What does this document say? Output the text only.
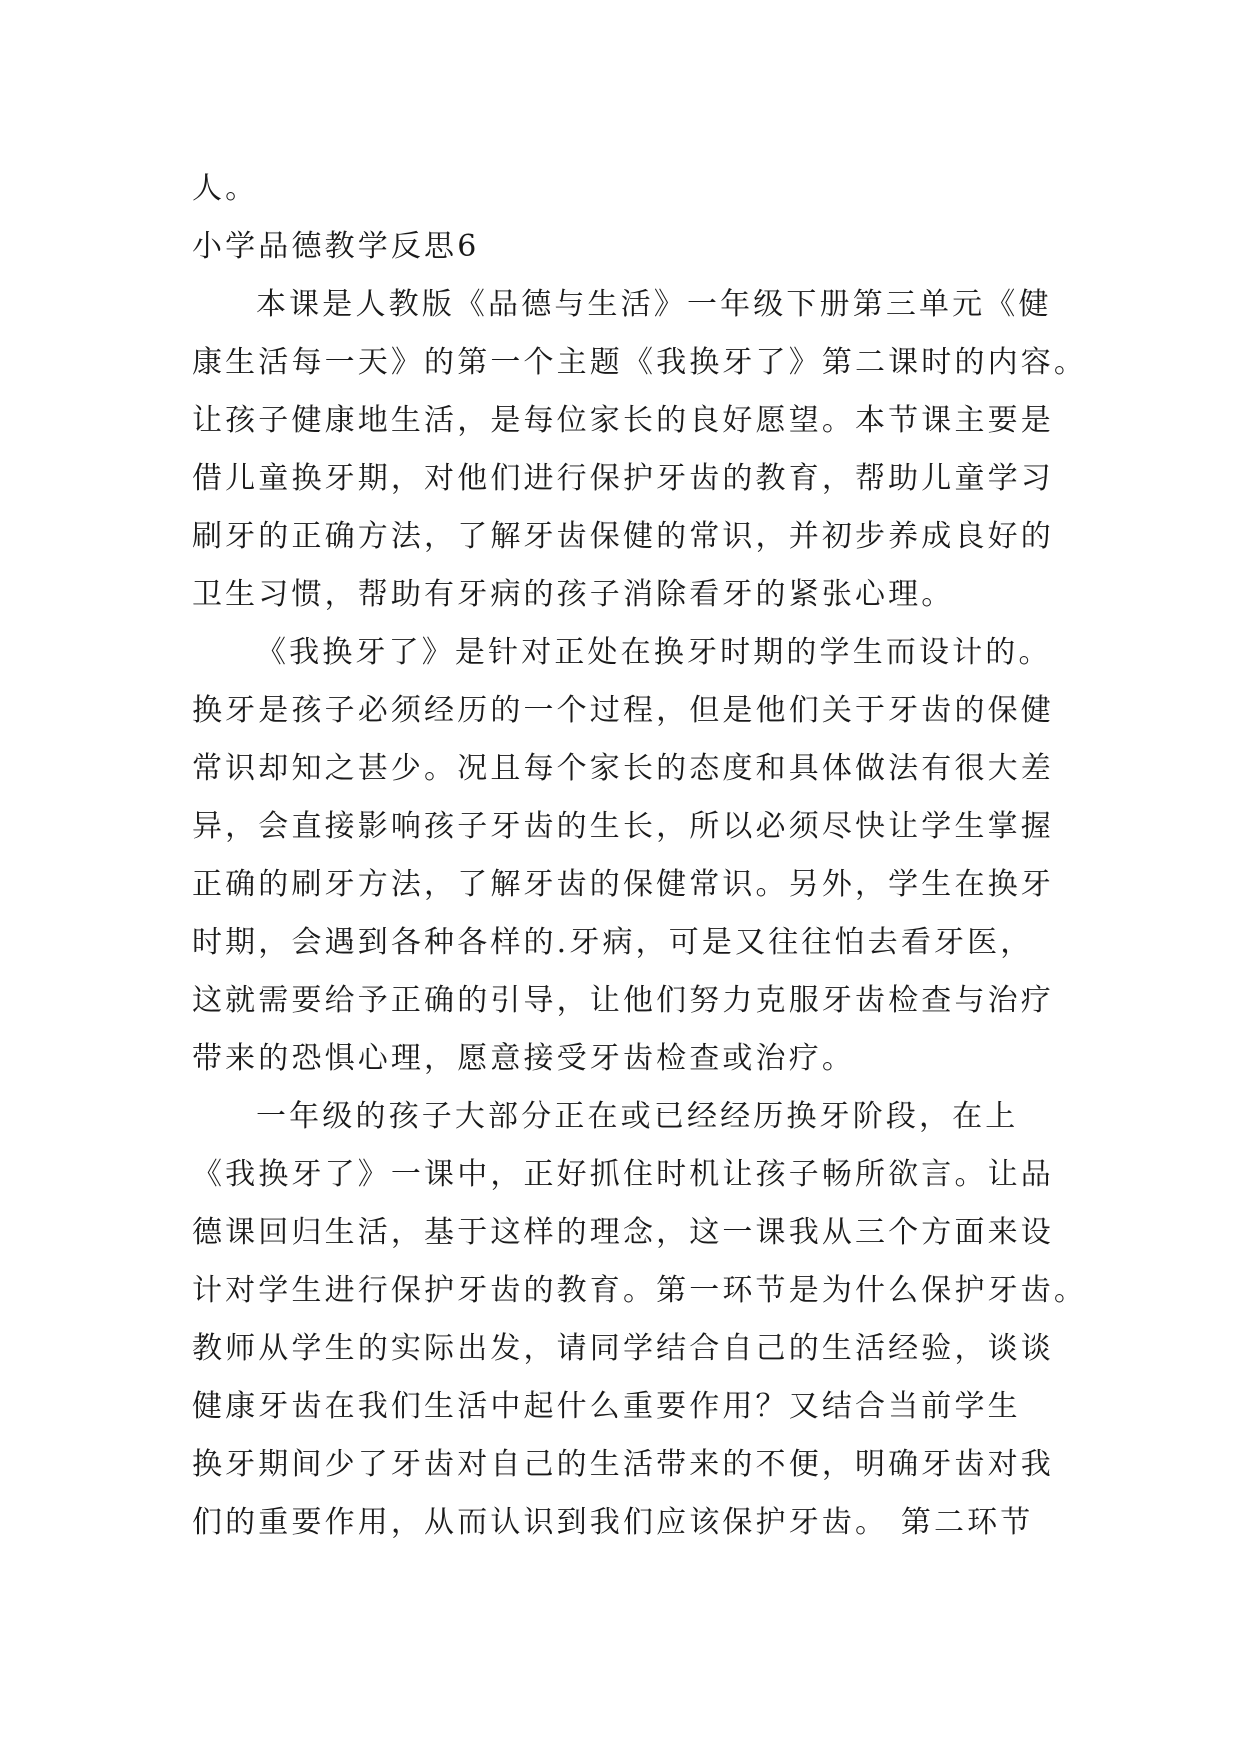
人。
小学品德教学反思6
本课是人教版《品德与生活》一年级下册第三单元《健
康生活每一天》的第一个主题《我换牙了》第二课时的内容。
让孩子健康地生活，是每位家长的良好愿望。本节课主要是
借儿童换牙期，对他们进行保护牙齿的教育，帮助儿童学习
刷牙的正确方法，了解牙齿保健的常识，并初步养成良好的
卫生习惯，帮助有牙病的孩子消除看牙的紧张心理。
《我换牙了》是针对正处在换牙时期的学生而设计的。
换牙是孩子必须经历的一个过程，但是他们关于牙齿的保健
常识却知之甚少。况且每个家长的态度和具体做法有很大差
异，会直接影响孩子牙齿的生长，所以必须尽快让学生掌握
正确的刷牙方法，了解牙齿的保健常识。另外，学生在换牙
时期，会遇到各种各样的.牙病，可是又往往怕去看牙医，
这就需要给予正确的引导，让他们努力克服牙齿检查与治疗
带来的恐惧心理，愿意接受牙齿检查或治疗。
一年级的孩子大部分正在或已经经历换牙阶段，在上
《我换牙了》一课中，正好抓住时机让孩子畅所欲言。让品
德课回归生活，基于这样的理念，这一课我从三个方面来设
计对学生进行保护牙齿的教育。第一环节是为什么保护牙齿。
教师从学生的实际出发，请同学结合自己的生活经验，谈谈
健康牙齿在我们生活中起什么重要作用？又结合当前学生
换牙期间少了牙齿对自己的生活带来的不便，明确牙齿对我
们的重要作用，从而认识到我们应该保护牙齿。 第二环节
